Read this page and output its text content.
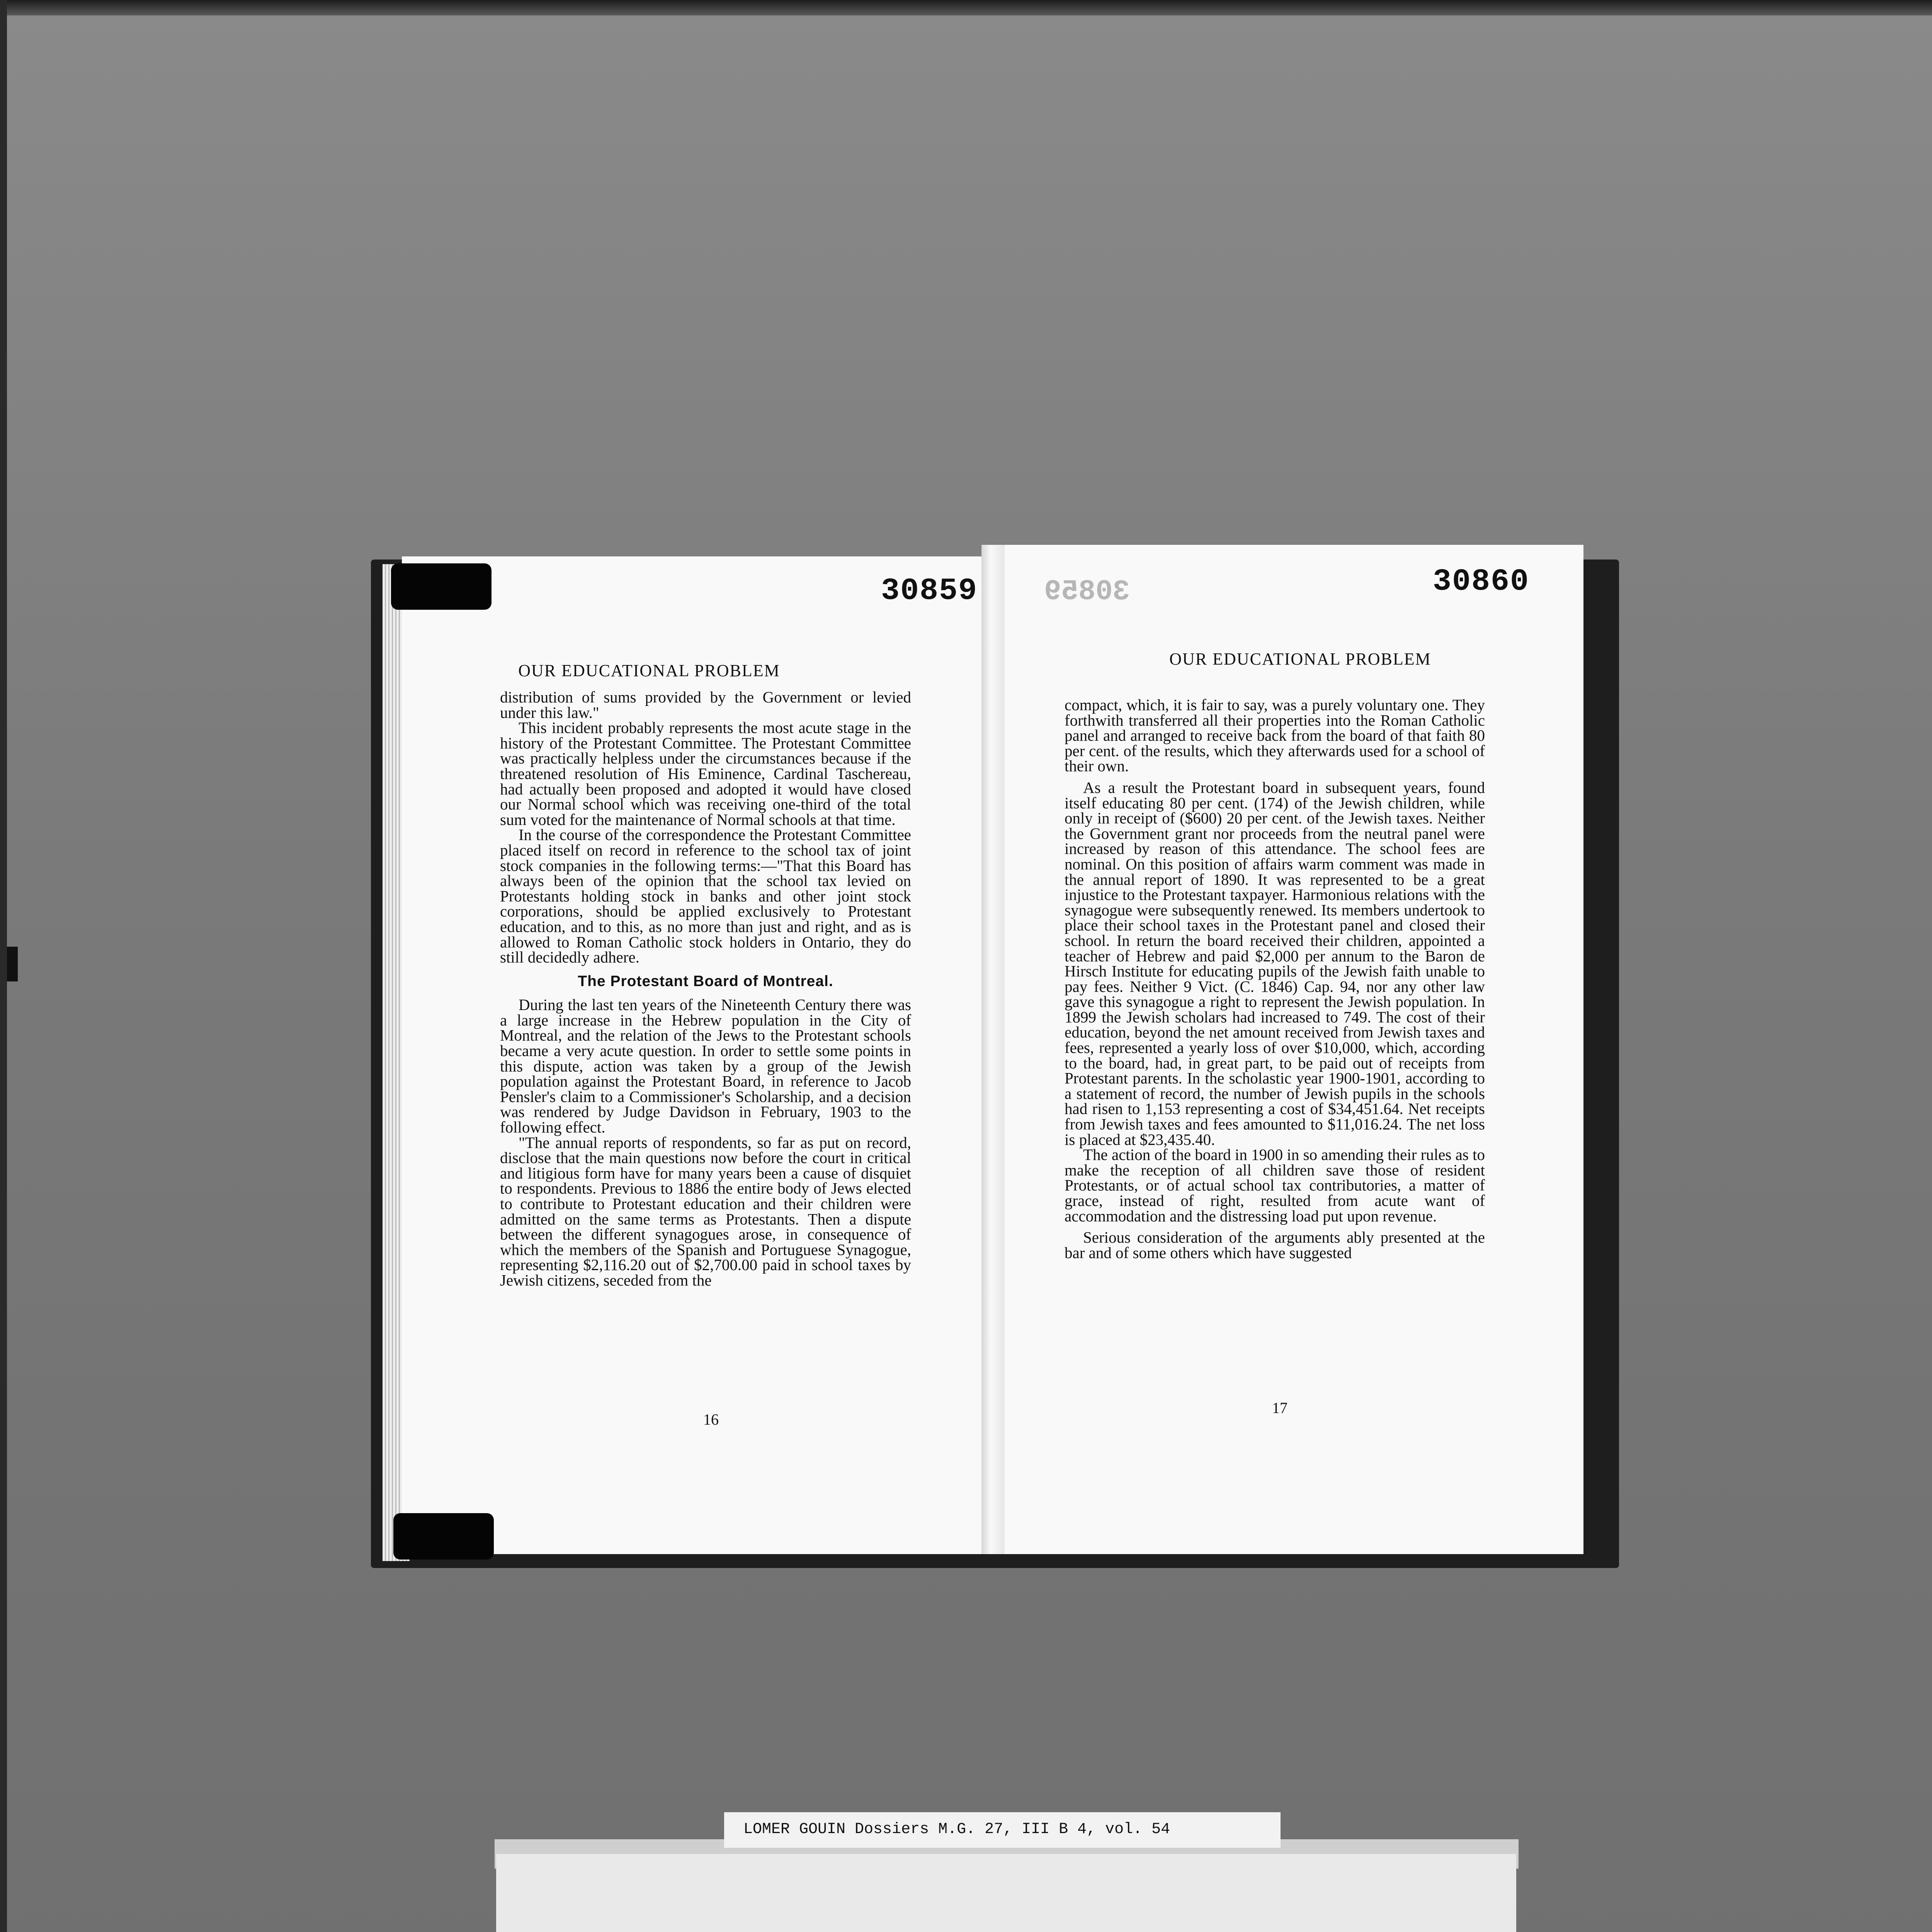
30859
OUR EDUCATIONAL PROBLEM

distribution of sums provided by the Government or levied under this law."

This incident probably represents the most acute stage in the history of the Protestant Committee. The Protestant Committee was practically helpless under the circumstances because if the threatened resolution of His Eminence, Cardinal Taschereau, had actually been proposed and adopted it would have closed our Normal school which was receiving one-third of the total sum voted for the maintenance of Normal schools at that time.

In the course of the correspondence the Protestant Committee placed itself on record in reference to the school tax of joint stock companies in the following terms:—"That this Board has always been of the opinion that the school tax levied on Protestants holding stock in banks and other joint stock corporations, should be applied exclusively to Protestant education, and to this, as no more than just and right, and as is allowed to Roman Catholic stock holders in Ontario, they do still decidedly adhere.

The Protestant Board of Montreal.

During the last ten years of the Nineteenth Century there was a large increase in the Hebrew population in the City of Montreal, and the relation of the Jews to the Protestant schools became a very acute question. In order to settle some points in this dispute, action was taken by a group of the Jewish population against the Protestant Board, in reference to Jacob Pensler's claim to a Commissioner's Scholarship, and a decision was rendered by Judge Davidson in February, 1903 to the following effect.

"The annual reports of respondents, so far as put on record, disclose that the main questions now before the court in critical and litigious form have for many years been a cause of disquiet to respondents. Previous to 1886 the entire body of Jews elected to contribute to Protestant education and their children were admitted on the same terms as Protestants. Then a dispute between the different synagogues arose, in consequence of which the members of the Spanish and Portuguese Synagogue, representing $2,116.20 out of $2,700.00 paid in school taxes by Jewish citizens, seceded from the

16
30859	30860
OUR EDUCATIONAL PROBLEM

compact, which, it is fair to say, was a purely voluntary one. They forthwith transferred all their properties into the Roman Catholic panel and arranged to receive back from the board of that faith 80 per cent. of the results, which they afterwards used for a school of their own.

As a result the Protestant board in subsequent years, found itself educating 80 per cent. (174) of the Jewish children, while only in receipt of ($600) 20 per cent. of the Jewish taxes. Neither the Government grant nor proceeds from the neutral panel were increased by reason of this attendance. The school fees are nominal. On this position of affairs warm comment was made in the annual report of 1890. It was represented to be a great injustice to the Protestant taxpayer. Harmonious relations with the synagogue were subsequently renewed. Its members undertook to place their school taxes in the Protestant panel and closed their school. In return the board received their children, appointed a teacher of Hebrew and paid $2,000 per annum to the Baron de Hirsch Institute for educating pupils of the Jewish faith unable to pay fees. Neither 9 Vict. (C. 1846) Cap. 94, nor any other law gave this synagogue a right to represent the Jewish population. In 1899 the Jewish scholars had increased to 749. The cost of their education, beyond the net amount received from Jewish taxes and fees, represented a yearly loss of over $10,000, which, according to the board, had, in great part, to be paid out of receipts from Protestant parents. In the scholastic year 1900-1901, according to a statement of record, the number of Jewish pupils in the schools had risen to 1,153 representing a cost of $34,451.64. Net receipts from Jewish taxes and fees amounted to $11,016.24. The net loss is placed at $23,435.40.

The action of the board in 1900 in so amending their rules as to make the reception of all children save those of resident Protestants, or of actual school tax contributories, a matter of grace, instead of right, resulted from acute want of accommodation and the distressing load put upon revenue.

Serious consideration of the arguments ably presented at the bar and of some others which have suggested

17
LOMER GOUIN Dossiers M.G. 27, III B 4, vol. 54
